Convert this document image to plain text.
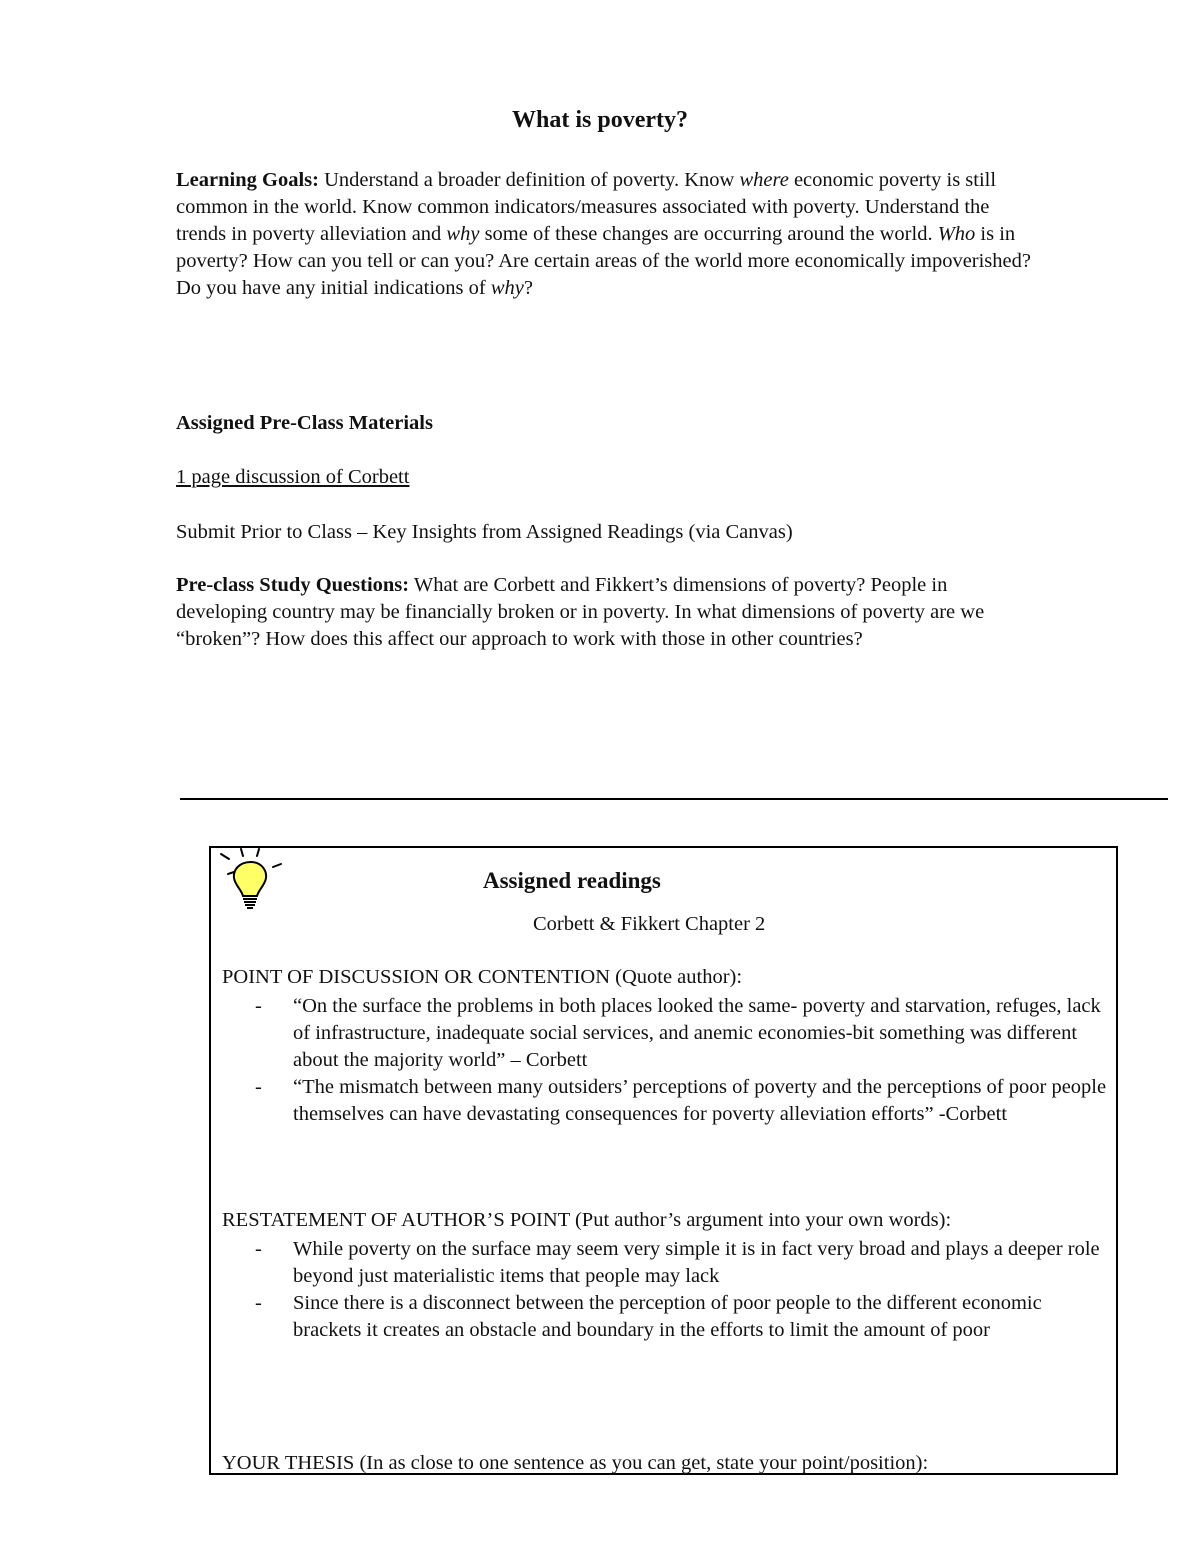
What is poverty?

Learning Goals: Understand a broader definition of poverty. Know where economic poverty is still common in the world. Know common indicators/measures associated with poverty. Understand the trends in poverty alleviation and why some of these changes are occurring around the world. Who is in poverty? How can you tell or can you? Are certain areas of the world more economically impoverished? Do you have any initial indications of why?

Assigned Pre-Class Materials

1 page discussion of Corbett

Submit Prior to Class – Key Insights from Assigned Readings (via Canvas)

Pre-class Study Questions: What are Corbett and Fikkert’s dimensions of poverty? People in developing country may be financially broken or in poverty. In what dimensions of poverty are we “broken”? How does this affect our approach to work with those in other countries?

Assigned readings

Corbett & Fikkert Chapter 2

POINT OF DISCUSSION OR CONTENTION (Quote author):

- “On the surface the problems in both places looked the same- poverty and starvation, refuges, lack of infrastructure, inadequate social services, and anemic economies-bit something was different about the majority world” – Corbett
- “The mismatch between many outsiders’ perceptions of poverty and the perceptions of poor people themselves can have devastating consequences for poverty alleviation efforts” -Corbett

RESTATEMENT OF AUTHOR’S POINT (Put author’s argument into your own words):

- While poverty on the surface may seem very simple it is in fact very broad and plays a deeper role beyond just materialistic items that people may lack
- Since there is a disconnect between the perception of poor people to the different economic brackets it creates an obstacle and boundary in the efforts to limit the amount of poor

YOUR THESIS (In as close to one sentence as you can get, state your point/position):
